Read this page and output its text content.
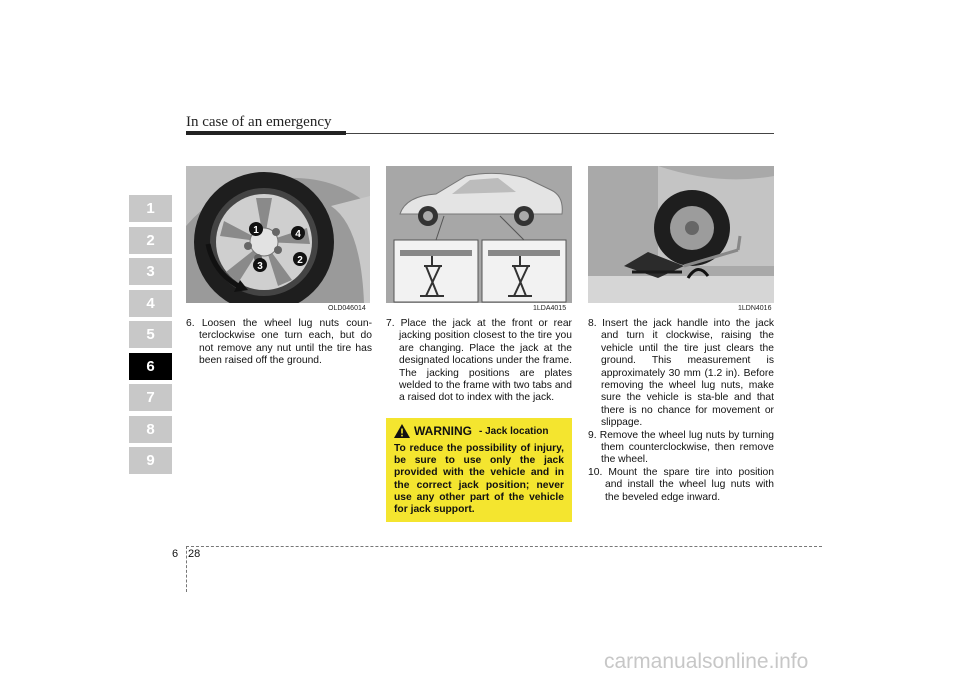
In case of an emergency
1
2
3
4
5
6
7
8
9
1	4
3
2
OLD046014	1LDA4015	1LDN4016

6. Loosen the wheel lug nuts coun-terclockwise one turn each, but do not remove any nut until the tire has been raised off the ground.

7. Place the jack at the front or rear jacking position closest to the tire you are changing. Place the jack at the designated locations under the frame. The jacking positions are plates welded to the frame with two tabs and a raised dot to index with the jack.

WARNING - Jack location

To reduce the possibility of injury, be sure to use only the jack provided with the vehicle and in the correct jack position; never use any other part of the vehicle for jack support.

8. Insert the jack handle into the jack and turn it clockwise, raising the vehicle until the tire just clears the ground. This measurement is approximately 30 mm (1.2 in). Before removing the wheel lug nuts, make sure the vehicle is sta-ble and that there is no chance for movement or slippage.

9. Remove the wheel lug nuts by turning them counterclockwise, then remove the wheel.

10. Mount the spare tire into position and install the wheel lug nuts with the beveled edge inward.

6 28
carmanualsonline.info
